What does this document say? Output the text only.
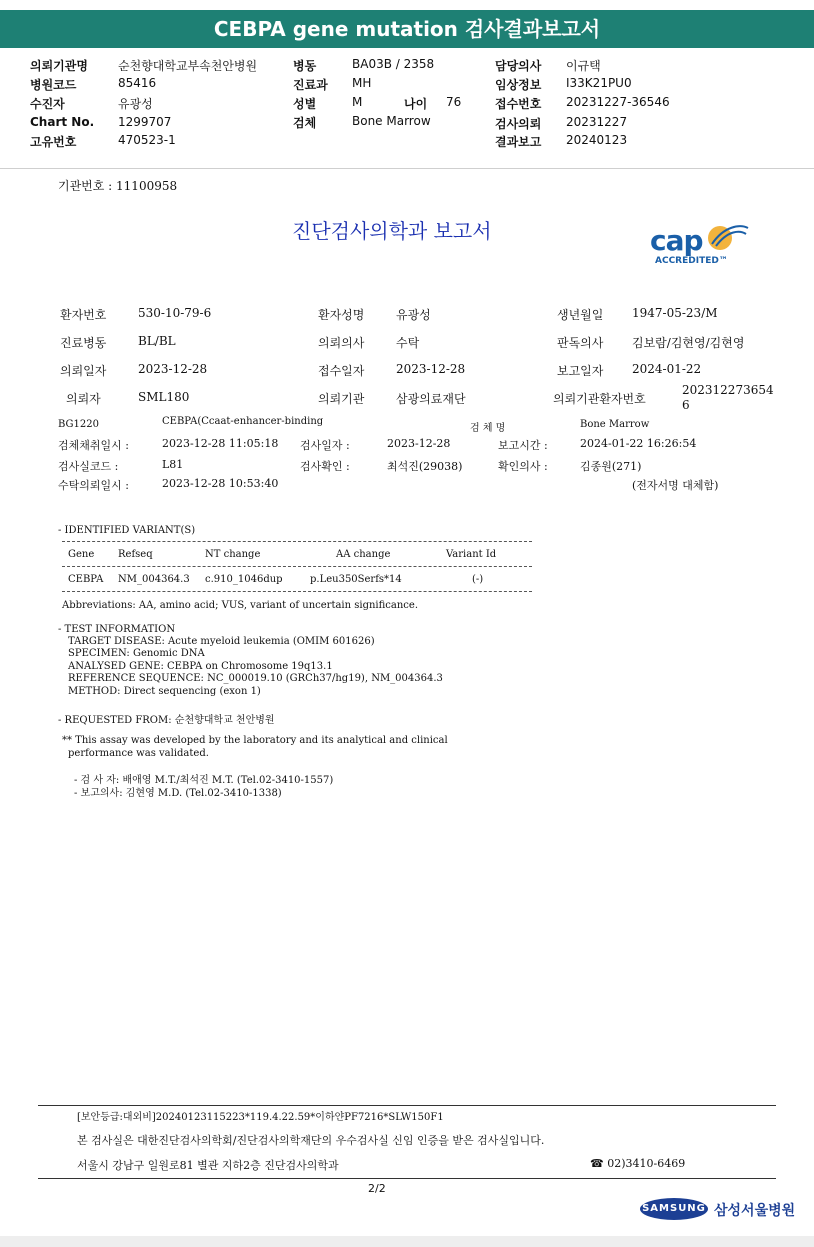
CEBPA gene mutation 검사결과보고서
의뢰기관명	순천향대학교부속천안병원
병원코드	85416
수진자	유광성
Chart No. 1299707
고유번호	470523-1
병동	BA03B / 2358
진료과 MH
성별	M	나이 76
검체	Bone Marrow
담당의사 이규택
임상정보 I33K21PU0
접수번호 20231227-36546
검사의뢰 20231227
결과보고 20240123
기관번호 : 11100958
진단검사의학과 보고서	cap
ACCREDITED™
환자번호	530-10-79-6	환자성명	유광성	생년월일 1947-05-23/M
진료병동	BL/BL	의뢰의사	수탁	판독의사 김보람/김현영/김현영
의뢰일자	2023-12-28	접수일자	2023-12-28	보고일자 2024-01-22
의뢰자	SML180	의뢰기관	삼광의료재단	의뢰기관환자번호
202312273654
6
BG1220	CEBPA(Ccaat-enhancer-binding
검 체 명	Bone Marrow
검체채취일시 :	2023-12-28 11:05:18 검사일자 :	2023-12-28	보고시간 :	2024-01-22 16:26:54
검사실코드 :	L81	검사확인 :	최석진(29038)	확인의사 :	김종원(271)
수탁의뢰일시 :	2023-12-28 10:53:40	(전자서명 대체함)
- IDENTIFIED VARIANT(S)
Gene Refseq	NT change	AA change	Variant Id
CEBPA NM_004364.3 c.910_1046dup	p.Leu350Serfs*14	(-)
Abbreviations: AA, amino acid; VUS, variant of uncertain significance.
- TEST INFORMATION
TARGET DISEASE: Acute myeloid leukemia (OMIM 601626)
SPECIMEN: Genomic DNA
ANALYSED GENE: CEBPA on Chromosome 19q13.1
REFERENCE SEQUENCE: NC_000019.10 (GRCh37/hg19), NM_004364.3
METHOD: Direct sequencing (exon 1)
- REQUESTED FROM: 순천향대학교 천안병원
** This assay was developed by the laboratory and its analytical and clinical
performance was validated.
- 검 사 자: 배애영 M.T./최석진 M.T. (Tel.02-3410-1557)
- 보고의사: 김현영 M.D. (Tel.02-3410-1338)
[보안등급:대외비]20240123115223*119.4.22.59*이하얀PF7216*SLW150F1
본 검사실은 대한진단검사의학회/진단검사의학재단의 우수검사실 신임 인증을 받은 검사실입니다.
서울시 강남구 일원로81 별관 지하2층 진단검사의학과	☎ 02)3410-6469
2/2
SAMSUNG 삼성서울병원
